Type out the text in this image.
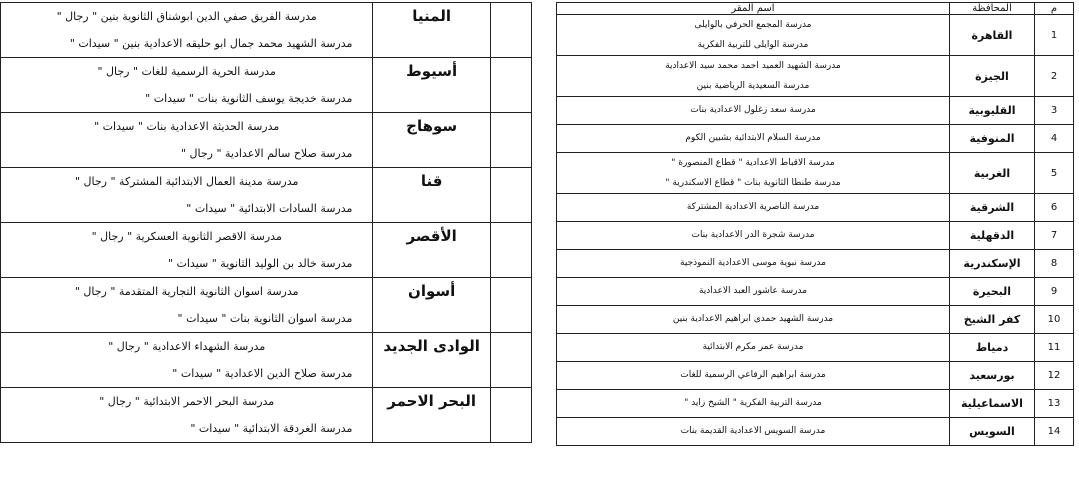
	المنيا	مدرسة الفريق صفي الدين ابوشناق الثانوية بنين " رجال "
مدرسة الشهيد محمد جمال ابو حليقه الاعدادية بنين " سيدات "

	أسيوط	مدرسة الحرية الرسمية للغات " رجال "
مدرسة خديجة يوسف الثانوية بنات " سيدات "

	سوهاج	مدرسة الحديثة الاعدادية بنات " سيدات "
مدرسة صلاح سالم الاعدادية " رجال "

	قنا	مدرسة مدينة العمال الابتدائية المشتركة " رجال "
مدرسة السادات الابتدائية " سيدات "

	الأقصر	مدرسة الاقصر الثانوية العسكرية " رجال "
مدرسة خالد بن الوليد الثانوية " سيدات "

	أسوان	مدرسة اسوان الثانوية التجارية المتقدمة " رجال "
مدرسة اسوان الثانوية بنات " سيدات "

	الوادى الجديد	مدرسة الشهداء الاعدادية " رجال "
مدرسة صلاح الدين الاعدادية " سيدات "

	البحر الاحمر	مدرسة البحر الاحمر الابتدائية " رجال "
مدرسة الغردقة الابتدائية " سيدات "
م	المحافظة	اسم المقر
1	القاهرة	مدرسة المجمع الحرفي بالوايلى
مدرسة الوايلى للتربية الفكرية

2	الجيزة	مدرسة الشهيد العميد احمد محمد سيد الاعدادية
مدرسة السعيدية الرياضية بنين

3	القليوبية	مدرسة سعد زغلول الاعدادية بنات

4	المنوفية	مدرسة السلام الابتدائية بشبين الكوم

5	الغربية	مدرسة الاقباط الاعدادية " قطاع المنصورة "
مدرسة طنطا الثانوية بنات " قطاع الاسكندرية "

6	الشرقية	مدرسة الناصرية الاعدادية المشتركة

7	الدقهلية	مدرسة شجرة الدر الاعدادية بنات

8	الإسكندرية	مدرسة نبوية موسى الاعدادية النموذجية

9	البحيرة	مدرسة عاشور العبد الاعدادية

10	كفر الشيخ	مدرسة الشهيد حمدى ابراهيم الاعدادية بنين

11	دمياط	مدرسة عمر مكرم الابتدائية

12	بورسعيد	مدرسة ابراهيم الرفاعي الرسمية للغات

13	الاسماعيلية	مدرسة التربية الفكرية " الشيخ زايد "

14	السويس	مدرسة السويس الاعدادية القديمة بنات
